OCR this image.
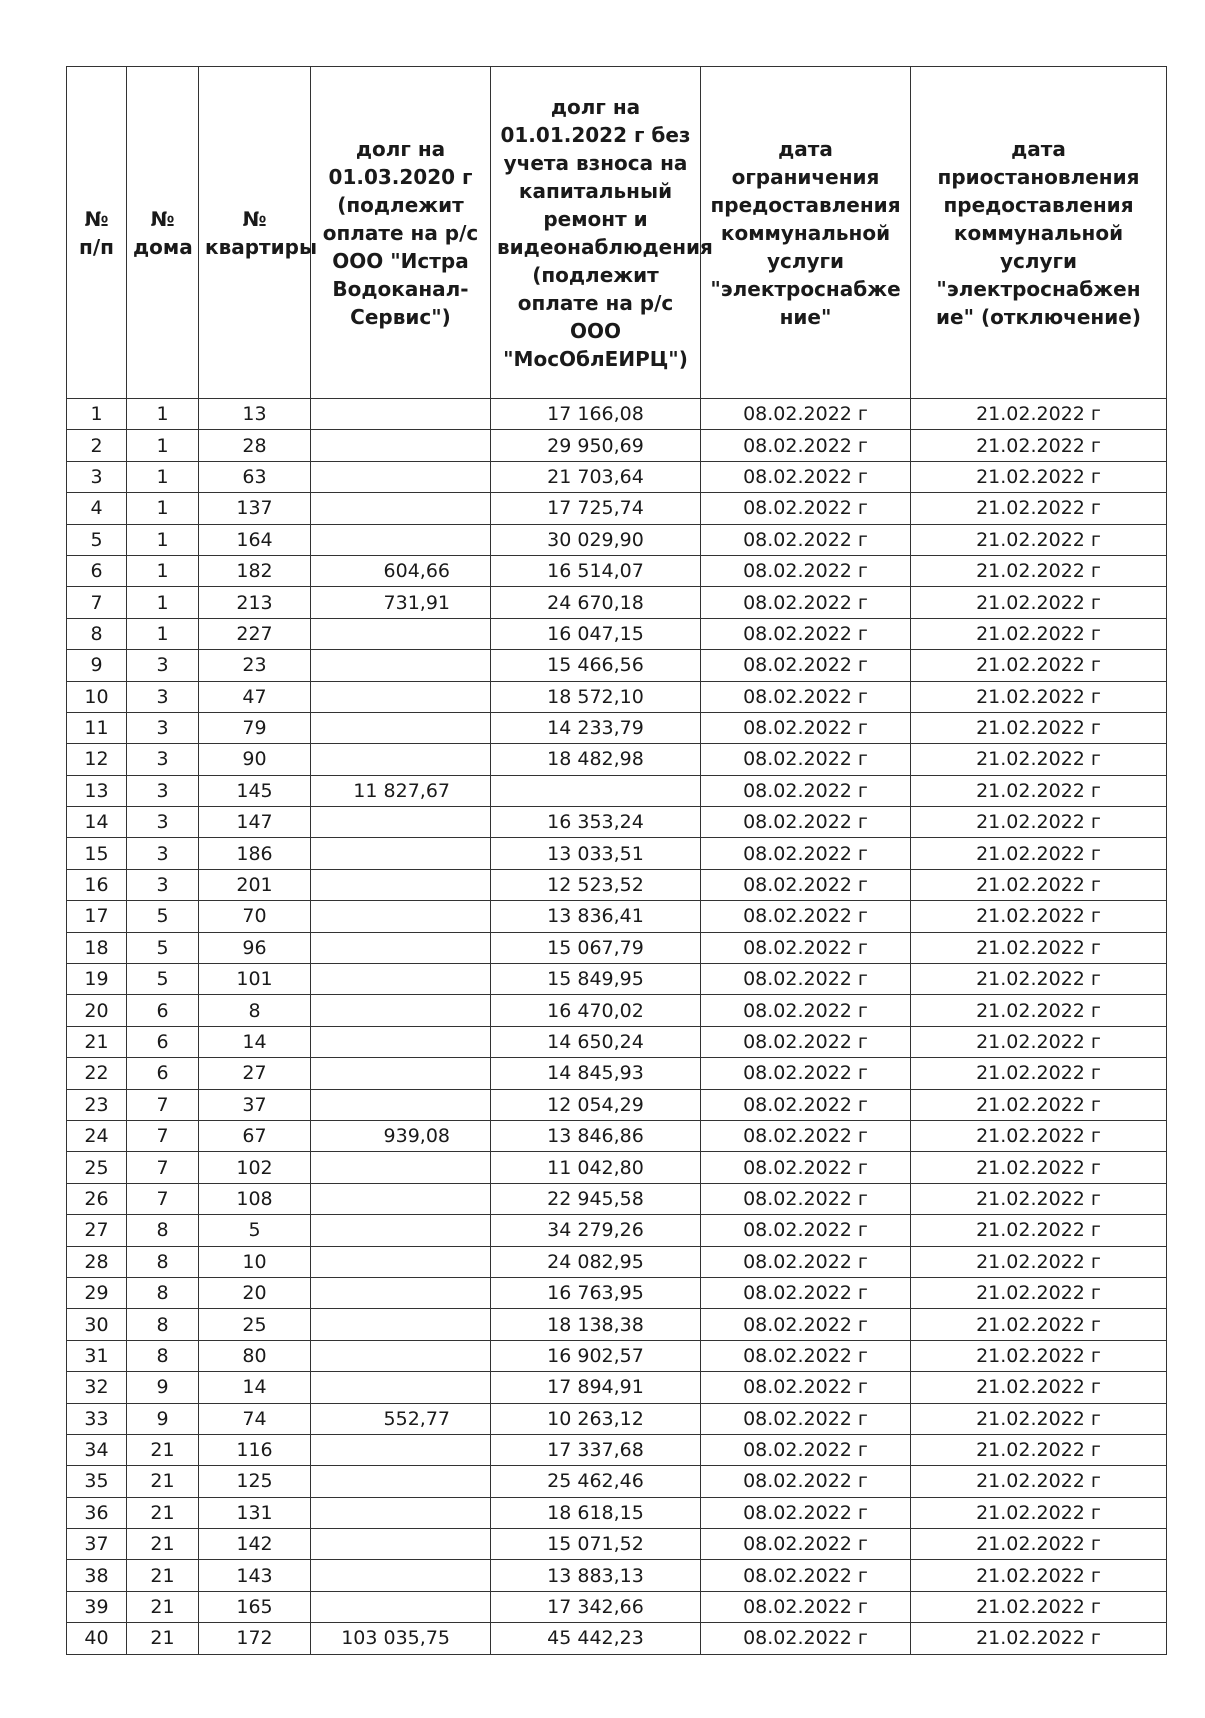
№ п/п	№ дома	№ квартиры	долг на 01.03.2020 г (подлежит оплате на р/с ООО "Истра Водоканал-Сервис")	долг на 01.01.2022 г без учета взноса на капитальный ремонт и видеонаблюдения (подлежит оплате на р/с ООО "МосОблЕИРЦ")	дата ограничения предоставления коммунальной услуги "электроснабже ние"	дата приостановления предоставления коммунальной услуги "электроснабжен ие" (отключение)

1	1	13		17 166,08	08.02.2022 г	21.02.2022 г
2	1	28		29 950,69	08.02.2022 г	21.02.2022 г
3	1	63		21 703,64	08.02.2022 г	21.02.2022 г
4	1	137		17 725,74	08.02.2022 г	21.02.2022 г
5	1	164		30 029,90	08.02.2022 г	21.02.2022 г
6	1	182	604,66	16 514,07	08.02.2022 г	21.02.2022 г
7	1	213	731,91	24 670,18	08.02.2022 г	21.02.2022 г
8	1	227		16 047,15	08.02.2022 г	21.02.2022 г
9	3	23		15 466,56	08.02.2022 г	21.02.2022 г
10	3	47		18 572,10	08.02.2022 г	21.02.2022 г
11	3	79		14 233,79	08.02.2022 г	21.02.2022 г
12	3	90		18 482,98	08.02.2022 г	21.02.2022 г
13	3	145	11 827,67		08.02.2022 г	21.02.2022 г
14	3	147		16 353,24	08.02.2022 г	21.02.2022 г
15	3	186		13 033,51	08.02.2022 г	21.02.2022 г
16	3	201		12 523,52	08.02.2022 г	21.02.2022 г
17	5	70		13 836,41	08.02.2022 г	21.02.2022 г
18	5	96		15 067,79	08.02.2022 г	21.02.2022 г
19	5	101		15 849,95	08.02.2022 г	21.02.2022 г
20	6	8		16 470,02	08.02.2022 г	21.02.2022 г
21	6	14		14 650,24	08.02.2022 г	21.02.2022 г
22	6	27		14 845,93	08.02.2022 г	21.02.2022 г
23	7	37		12 054,29	08.02.2022 г	21.02.2022 г
24	7	67	939,08	13 846,86	08.02.2022 г	21.02.2022 г
25	7	102		11 042,80	08.02.2022 г	21.02.2022 г
26	7	108		22 945,58	08.02.2022 г	21.02.2022 г
27	8	5		34 279,26	08.02.2022 г	21.02.2022 г
28	8	10		24 082,95	08.02.2022 г	21.02.2022 г
29	8	20		16 763,95	08.02.2022 г	21.02.2022 г
30	8	25		18 138,38	08.02.2022 г	21.02.2022 г
31	8	80		16 902,57	08.02.2022 г	21.02.2022 г
32	9	14		17 894,91	08.02.2022 г	21.02.2022 г
33	9	74	552,77	10 263,12	08.02.2022 г	21.02.2022 г
34	21	116		17 337,68	08.02.2022 г	21.02.2022 г
35	21	125		25 462,46	08.02.2022 г	21.02.2022 г
36	21	131		18 618,15	08.02.2022 г	21.02.2022 г
37	21	142		15 071,52	08.02.2022 г	21.02.2022 г
38	21	143		13 883,13	08.02.2022 г	21.02.2022 г
39	21	165		17 342,66	08.02.2022 г	21.02.2022 г
40	21	172	103 035,75	45 442,23	08.02.2022 г	21.02.2022 г
